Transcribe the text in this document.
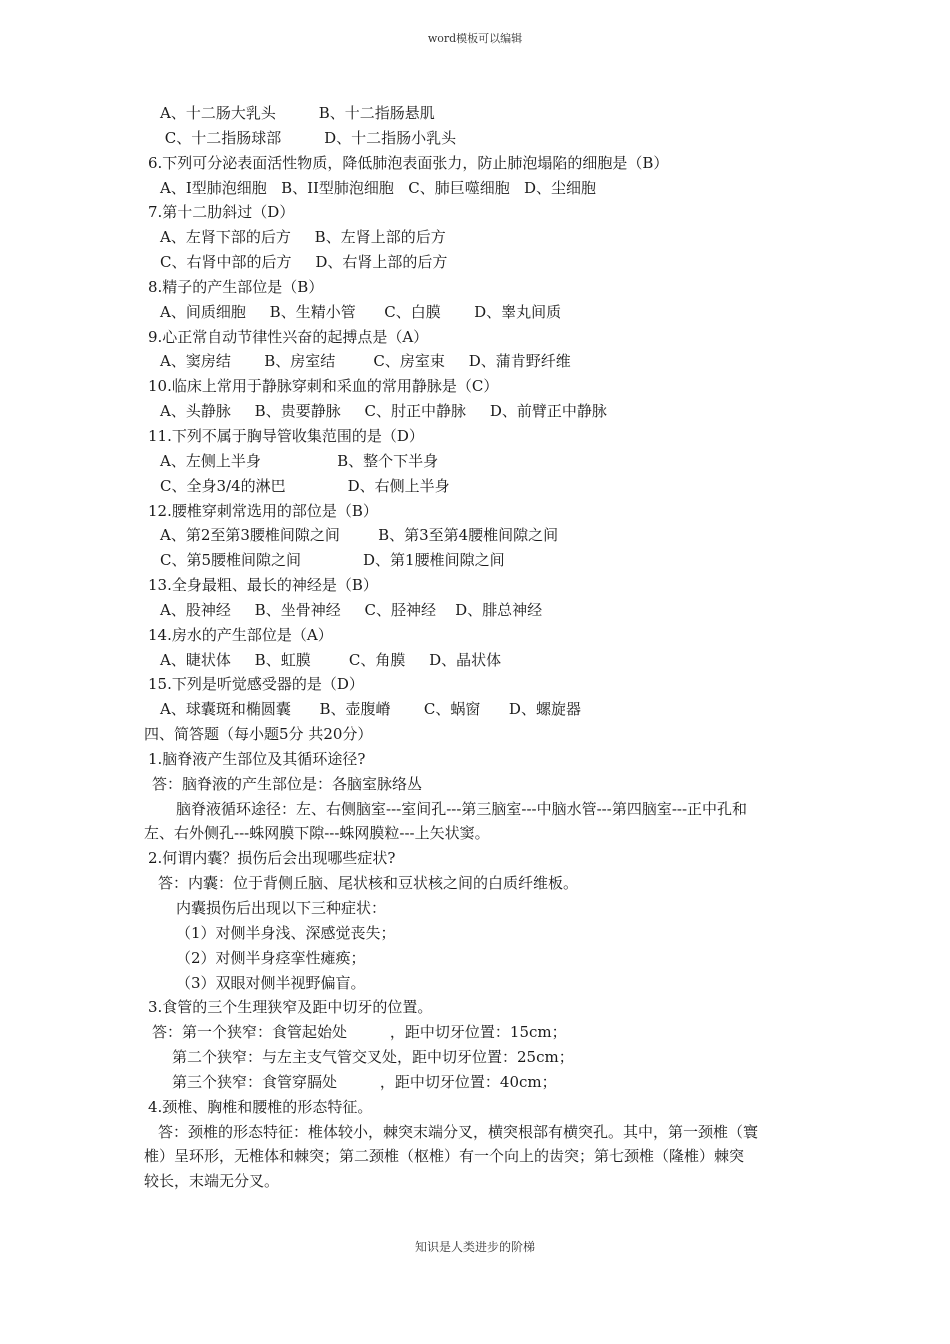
word模板可以编辑
A、十二肠大乳头         B、十二指肠悬肌
C、十二指肠球部         D、十二指肠小乳头
6.下列可分泌表面活性物质，降低肺泡表面张力，防止肺泡塌陷的细胞是（B）
A、I型肺泡细胞   B、II型肺泡细胞   C、肺巨噬细胞   D、尘细胞
7.第十二肋斜过（D）
A、左肾下部的后方     B、左肾上部的后方
C、右肾中部的后方     D、右肾上部的后方
8.精子的产生部位是（B）
A、间质细胞     B、生精小管      C、白膜       D、睾丸间质
9.心正常自动节律性兴奋的起搏点是（A）
A、窦房结       B、房室结        C、房室束     D、蒲肯野纤维
10.临床上常用于静脉穿刺和采血的常用静脉是（C）
A、头静脉     B、贵要静脉     C、肘正中静脉     D、前臂正中静脉
11.下列不属于胸导管收集范围的是（D）
A、左侧上半身                B、整个下半身
C、全身3/4的淋巴             D、右侧上半身
12.腰椎穿刺常选用的部位是（B）
A、第2至第3腰椎间隙之间        B、第3至第4腰椎间隙之间
C、第5腰椎间隙之间             D、第1腰椎间隙之间
13.全身最粗、最长的神经是（B）
A、股神经     B、坐骨神经     C、胫神经    D、腓总神经
14.房水的产生部位是（A）
A、睫状体     B、虹膜        C、角膜     D、晶状体
15.下列是听觉感受器的是（D）
A、球囊斑和椭圆囊      B、壶腹嵴       C、蜗窗      D、螺旋器
四、简答题（每小题5分 共20分）
1.脑脊液产生部位及其循环途径?
答：脑脊液的产生部位是：各脑室脉络丛
脑脊液循环途径：左、右侧脑室---室间孔---第三脑室---中脑水管---第四脑室---正中孔和
左、右外侧孔---蛛网膜下隙---蛛网膜粒---上矢状窦。
2.何谓内囊？损伤后会出现哪些症状?
答：内囊：位于背侧丘脑、尾状核和豆状核之间的白质纤维板。
内囊损伤后出现以下三种症状：
（1）对侧半身浅、深感觉丧失；
（2）对侧半身痉挛性瘫痪；
（3）双眼对侧半视野偏盲。
3.食管的三个生理狭窄及距中切牙的位置。
答：第一个狭窄：食管起始处         ，距中切牙位置：15cm；
第二个狭窄：与左主支气管交叉处，距中切牙位置：25cm；
第三个狭窄：食管穿膈处         ，距中切牙位置：40cm；
4.颈椎、胸椎和腰椎的形态特征。
答：颈椎的形态特征：椎体较小，棘突末端分叉，横突根部有横突孔。其中，第一颈椎（寰
椎）呈环形，无椎体和棘突；第二颈椎（枢椎）有一个向上的齿突；第七颈椎（隆椎）棘突
较长，末端无分叉。
知识是人类进步的阶梯
